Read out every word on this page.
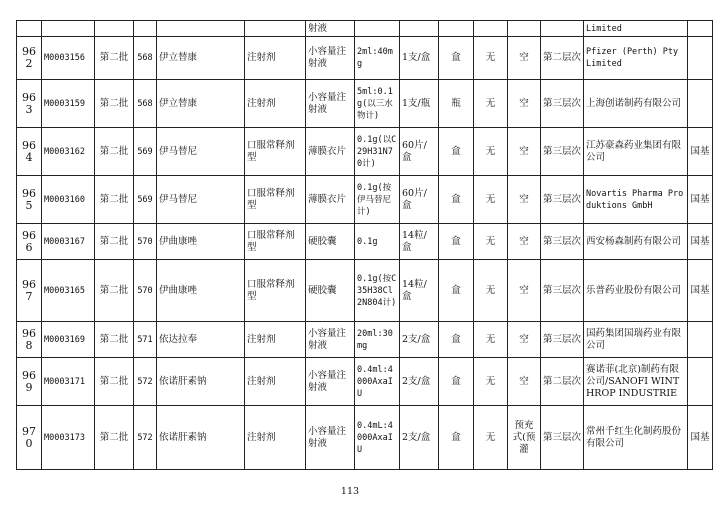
						射液							Limited	
962	M0003156	第二批	568	伊立替康	注射剂	小容量注射液	2ml:40mg	1支/盒	盒	无	空	第二层次	Pfizer (Perth) Pty Limited	
963	M0003159	第二批	568	伊立替康	注射剂	小容量注射液	5ml:0.1g(以三水物计)	1支/瓶	瓶	无	空	第三层次	上海创诺制药有限公司	
964	M0003162	第二批	569	伊马替尼	口服常释剂型	薄膜衣片	0.1g(以C29H31N70计)	60片/盒	盒	无	空	第三层次	江苏豪森药业集团有限公司	国基
965	M0003160	第二批	569	伊马替尼	口服常释剂型	薄膜衣片	0.1g(按伊马替尼计)	60片/盒	盒	无	空	第三层次	Novartis Pharma Produktions GmbH	国基
966	M0003167	第二批	570	伊曲康唑	口服常释剂型	硬胶囊	0.1g	14粒/盒	盒	无	空	第三层次	西安杨森制药有限公司	国基
967	M0003165	第二批	570	伊曲康唑	口服常释剂型	硬胶囊	0.1g(按C35H38Cl2N804计)	14粒/盒	盒	无	空	第三层次	乐普药业股份有限公司	国基
968	M0003169	第二批	571	依达拉奉	注射剂	小容量注射液	20ml:30mg	2支/盒	盒	无	空	第三层次	国药集团国瑞药业有限公司	
969	M0003171	第二批	572	依诺肝素钠	注射剂	小容量注射液	0.4ml:4000AxaIU	2支/盒	盒	无	空	第二层次	赛诺菲(北京)制药有限公司/SANOFI WINTHROP INDUSTRIE	
970	M0003173	第二批	572	依诺肝素钠	注射剂	小容量注射液	0.4mL:4000AxaIU	2支/盒	盒	无	预充式(预灌	第三层次	常州千红生化制药股份有限公司	国基
113
